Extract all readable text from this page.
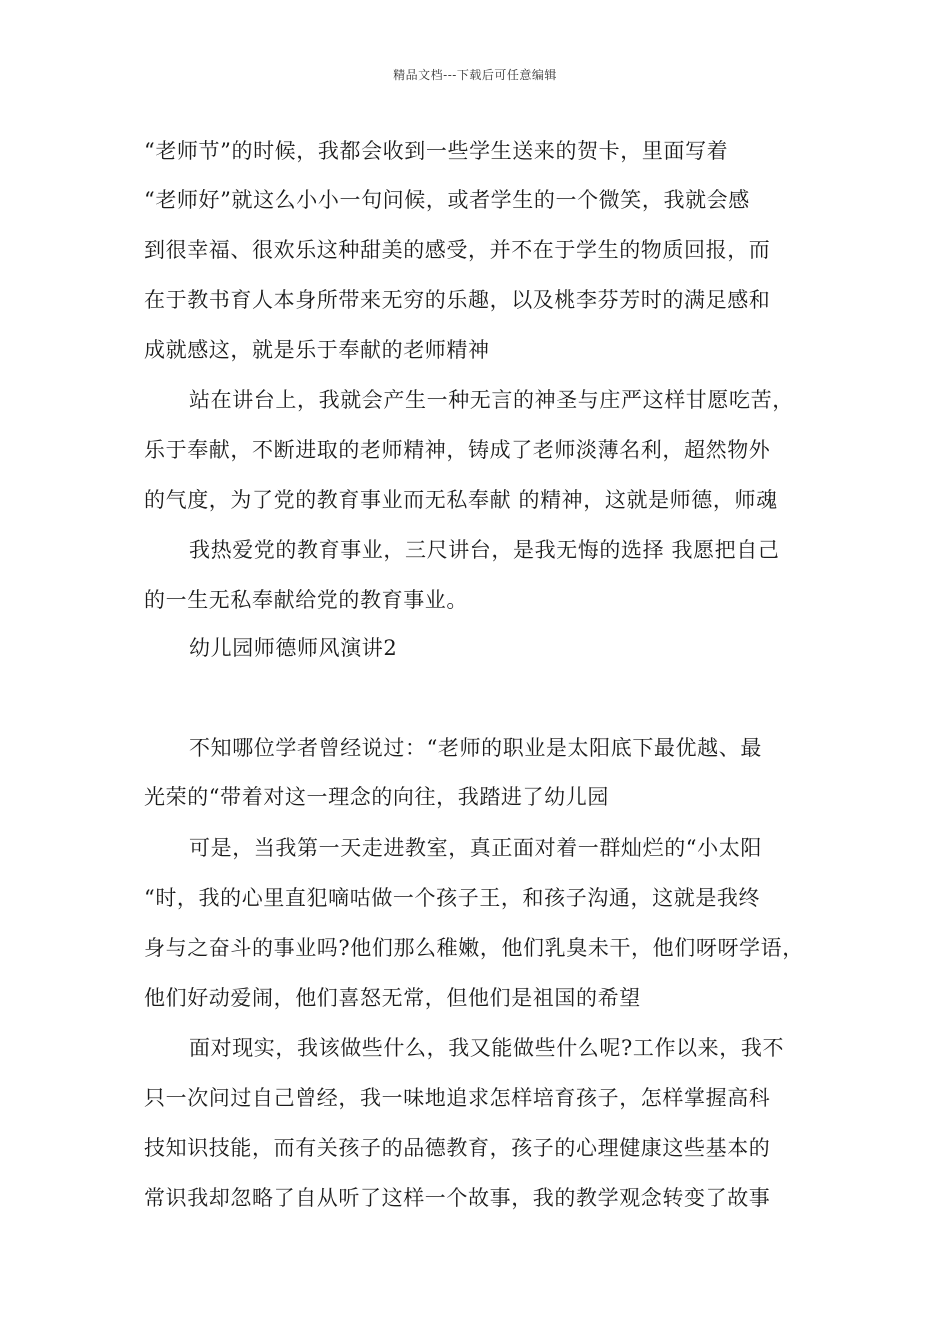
精品文档---下载后可任意编辑
“老师节”的时候，我都会收到一些学生送来的贺卡，里面写着
“老师好”就这么小小一句问候，或者学生的一个微笑，我就会感
到很幸福、很欢乐这种甜美的感受，并不在于学生的物质回报，而
在于教书育人本身所带来无穷的乐趣，以及桃李芬芳时的满足感和
成就感这，就是乐于奉献的老师精神
站在讲台上，我就会产生一种无言的神圣与庄严这样甘愿吃苦，
乐于奉献，不断进取的老师精神，铸成了老师淡薄名利，超然物外
的气度，为了党的教育事业而无私奉献 的精神，这就是师德，师魂
我热爱党的教育事业，三尺讲台，是我无悔的选择 我愿把自己
的一生无私奉献给党的教育事业。
幼儿园师德师风演讲2
不知哪位学者曾经说过：“老师的职业是太阳底下最优越、最
光荣的“带着对这一理念的向往，我踏进了幼儿园
可是，当我第一天走进教室，真正面对着一群灿烂的“小太阳
“时，我的心里直犯嘀咕做一个孩子王，和孩子沟通，这就是我终
身与之奋斗的事业吗?他们那么稚嫩，他们乳臭未干，他们呀呀学语，
他们好动爱闹，他们喜怒无常，但他们是祖国的希望
面对现实，我该做些什么，我又能做些什么呢?工作以来，我不
只一次问过自己曾经，我一味地追求怎样培育孩子，怎样掌握高科
技知识技能，而有关孩子的品德教育，孩子的心理健康这些基本的
常识我却忽略了自从听了这样一个故事，我的教学观念转变了故事
